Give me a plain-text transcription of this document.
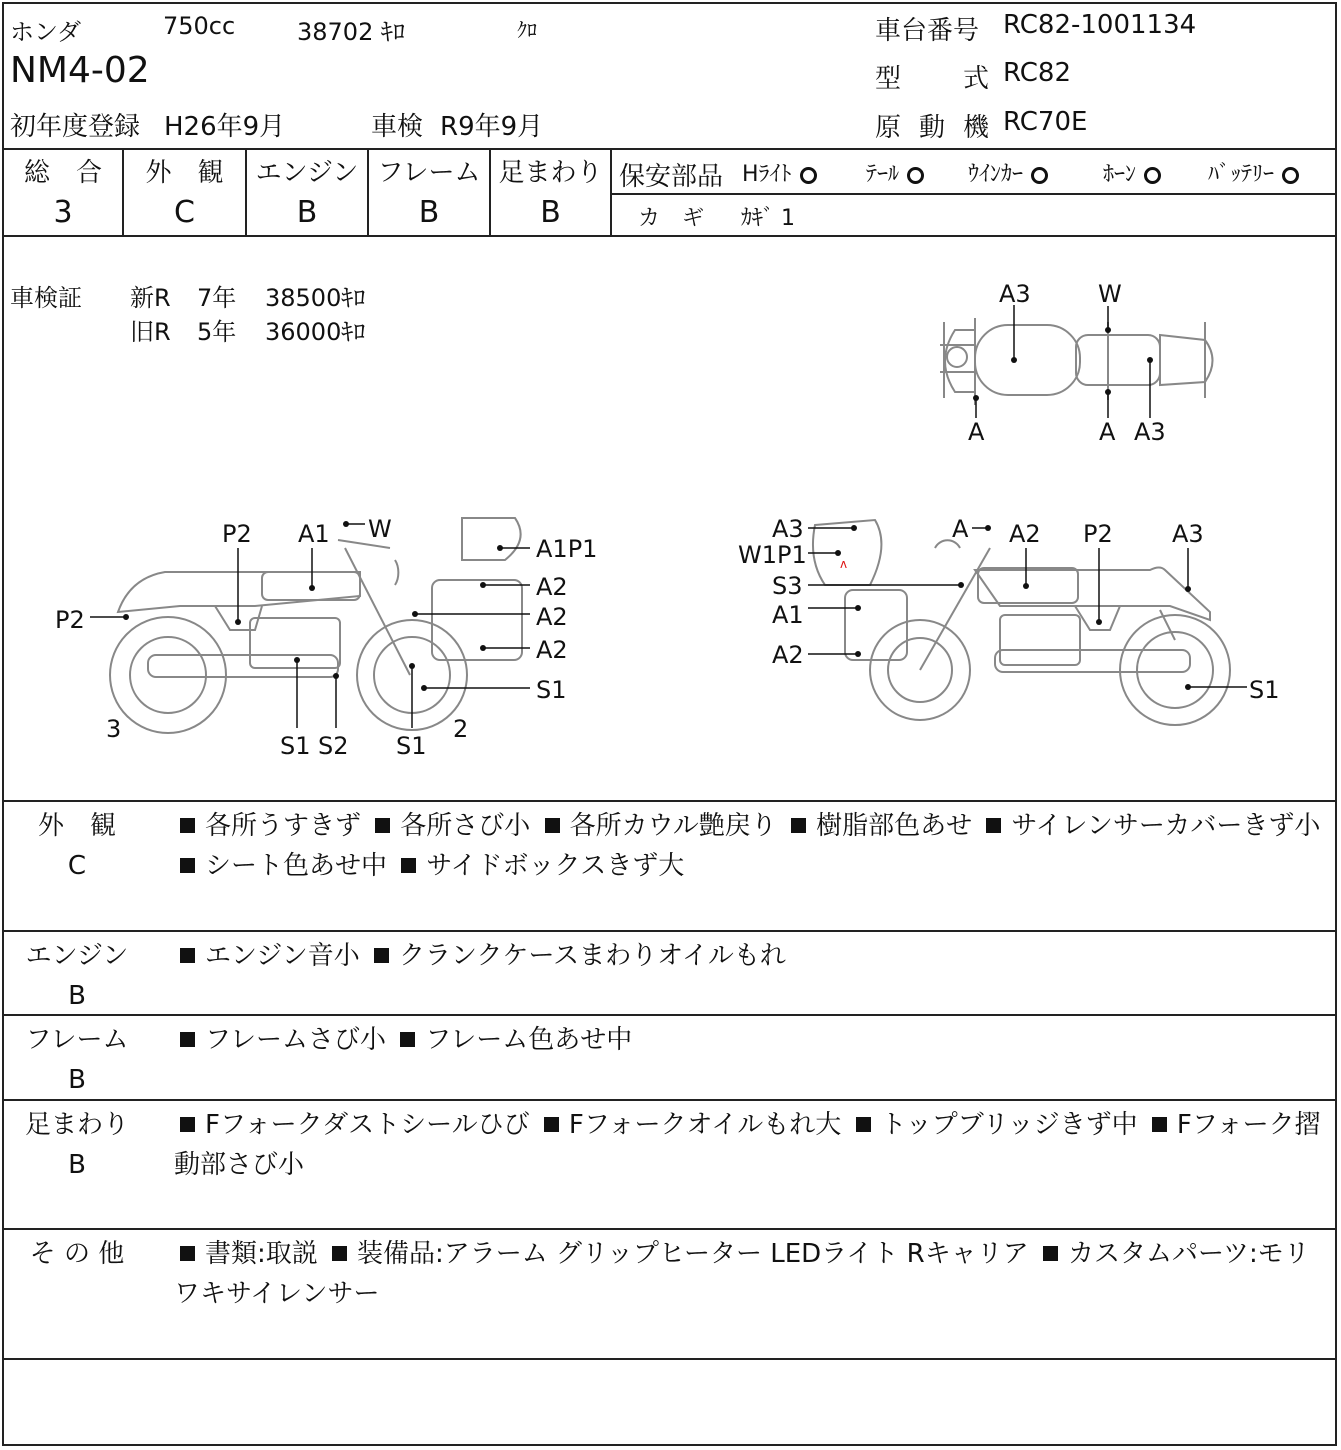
ホンダ	750cc	38702 ｷﾛ	ｸﾛ
NM4-02
初年度登録 H26年9月	車検 R9年9月
車台番号 RC82-1001134
型 式 RC82
原 動 機 RC70E
総　合
3
外　観
C
エンジン
B
フレーム
B
足まわり
B
保安部品 Hﾗｲﾄ	ﾃｰﾙ	ｳｲﾝｶｰ	ﾎｰﾝ	ﾊﾞｯﾃﾘｰ
カ　ギ ｶｷﾞ 1
車検証 新R 7年 38500ｷﾛ
旧R 5年 36000ｷﾛ
A3	W
A	A A3
P2
A1 W
A1P1
A2
A2
A2
S1
P2
3
S1 S2 S1
2
A3
W1P1
S3
A1
A2
A A2 P2 A3
S1
ʌ
外　観
C
各所うすきず 各所さび小 各所カウル艶戻り 樹脂部色あせ サイレンサーカバーきず小 シート色あせ中 サイドボックスきず大
エンジン
B
エンジン音小 クランクケースまわりオイルもれ
フレーム
B
フレームさび小 フレーム色あせ中
足まわり
B
Fフォークダストシールひび Fフォークオイルもれ大 トップブリッジきず中 Fフォーク摺動部さび小
そ の 他	書類:取説 装備品:アラーム グリップヒーター LEDライト Rキャリア カスタムパーツ:モリワキサイレンサー
